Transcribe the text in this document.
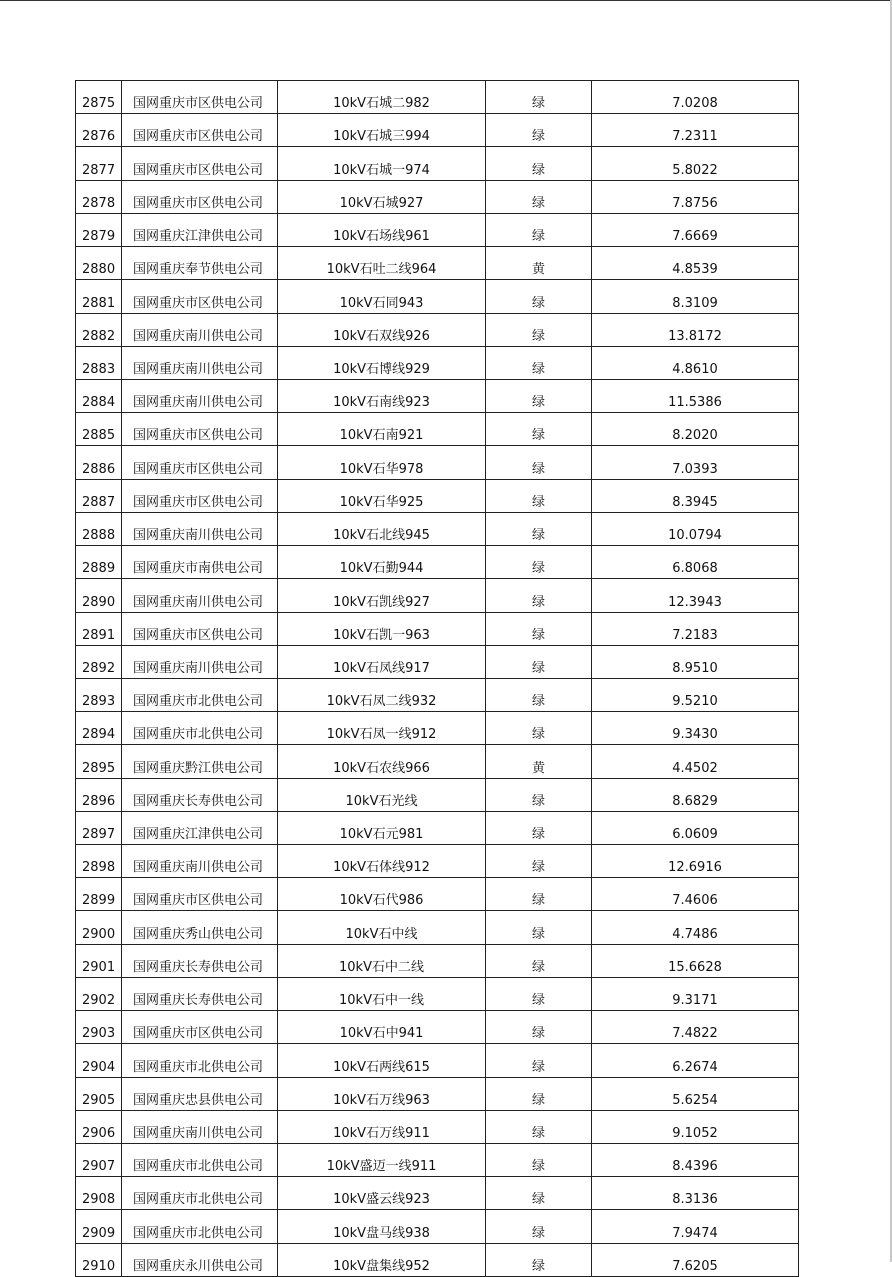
2875	国网重庆市区供电公司	10kV石城二982	绿	7.0208
2876	国网重庆市区供电公司	10kV石城三994	绿	7.2311
2877	国网重庆市区供电公司	10kV石城一974	绿	5.8022
2878	国网重庆市区供电公司	10kV石城927	绿	7.8756
2879	国网重庆江津供电公司	10kV石场线961	绿	7.6669
2880	国网重庆奉节供电公司	10kV石吐二线964	黄	4.8539
2881	国网重庆市区供电公司	10kV石同943	绿	8.3109
2882	国网重庆南川供电公司	10kV石双线926	绿	13.8172
2883	国网重庆南川供电公司	10kV石博线929	绿	4.8610
2884	国网重庆南川供电公司	10kV石南线923	绿	11.5386
2885	国网重庆市区供电公司	10kV石南921	绿	8.2020
2886	国网重庆市区供电公司	10kV石华978	绿	7.0393
2887	国网重庆市区供电公司	10kV石华925	绿	8.3945
2888	国网重庆南川供电公司	10kV石北线945	绿	10.0794
2889	国网重庆市南供电公司	10kV石勤944	绿	6.8068
2890	国网重庆南川供电公司	10kV石凯线927	绿	12.3943
2891	国网重庆市区供电公司	10kV石凯一963	绿	7.2183
2892	国网重庆南川供电公司	10kV石凤线917	绿	8.9510
2893	国网重庆市北供电公司	10kV石凤二线932	绿	9.5210
2894	国网重庆市北供电公司	10kV石凤一线912	绿	9.3430
2895	国网重庆黔江供电公司	10kV石农线966	黄	4.4502
2896	国网重庆长寿供电公司	10kV石光线	绿	8.6829
2897	国网重庆江津供电公司	10kV石元981	绿	6.0609
2898	国网重庆南川供电公司	10kV石体线912	绿	12.6916
2899	国网重庆市区供电公司	10kV石代986	绿	7.4606
2900	国网重庆秀山供电公司	10kV石中线	绿	4.7486
2901	国网重庆长寿供电公司	10kV石中二线	绿	15.6628
2902	国网重庆长寿供电公司	10kV石中一线	绿	9.3171
2903	国网重庆市区供电公司	10kV石中941	绿	7.4822
2904	国网重庆市北供电公司	10kV石两线615	绿	6.2674
2905	国网重庆忠县供电公司	10kV石万线963	绿	5.6254
2906	国网重庆南川供电公司	10kV石万线911	绿	9.1052
2907	国网重庆市北供电公司	10kV盛迈一线911	绿	8.4396
2908	国网重庆市北供电公司	10kV盛云线923	绿	8.3136
2909	国网重庆市北供电公司	10kV盘马线938	绿	7.9474
2910	国网重庆永川供电公司	10kV盘集线952	绿	7.6205
